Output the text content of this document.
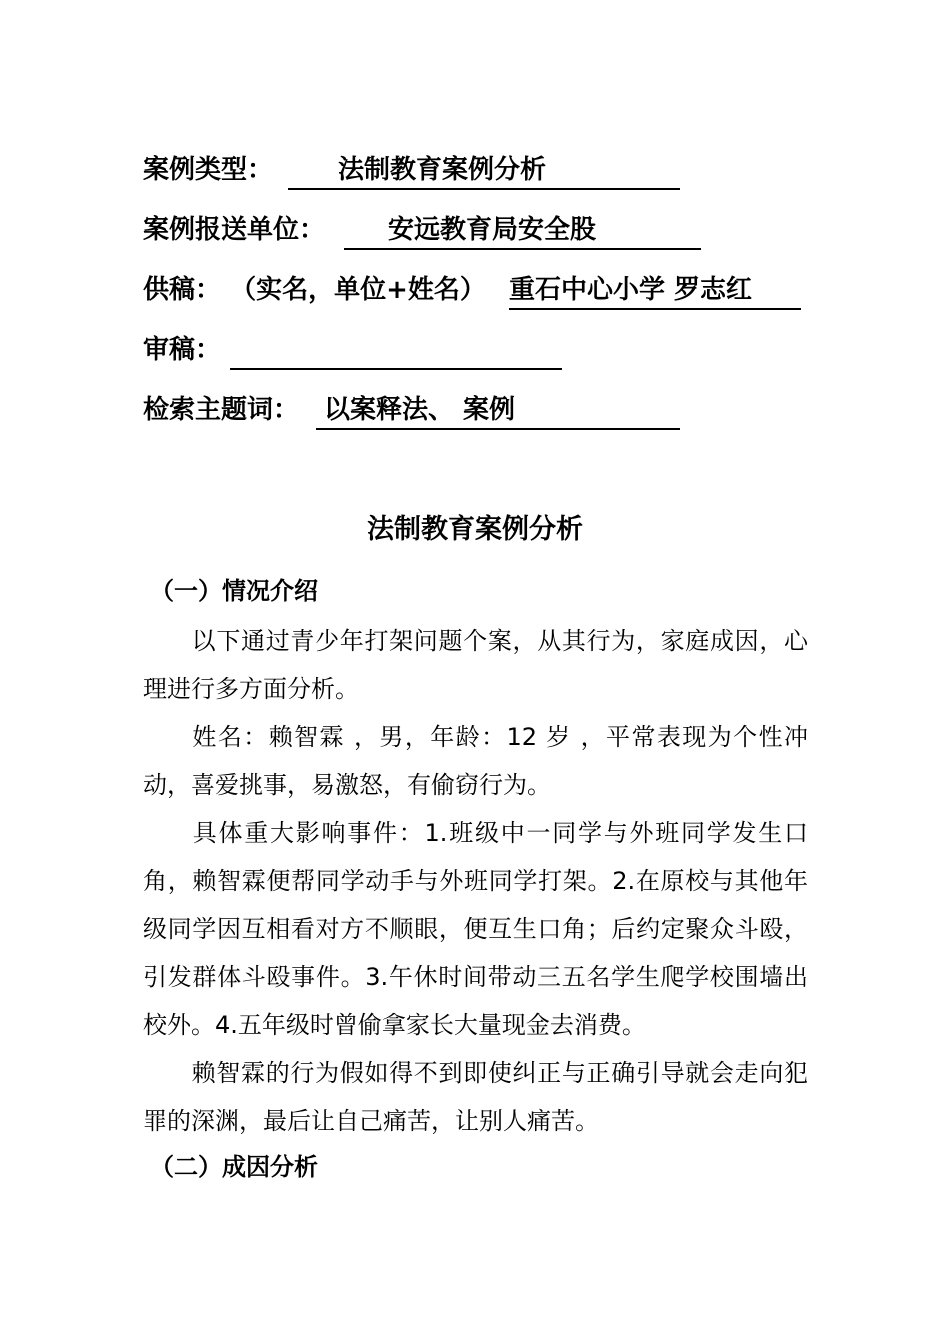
案例类型：	法制教育案例分析
案例报送单位：	安远教育局安全股
供稿： （实名，单位+姓名） 重石中心小学 罗志红
审稿：
检索主题词： 以案释法、 案例
法制教育案例分析
（一）情况介绍
以下通过青少年打架问题个案，从其行为，家庭成因，心理进行多方面分析。
姓名：赖智霖 ，男，年龄：12 岁 ，平常表现为个性冲动，喜爱挑事，易激怒，有偷窃行为。
具体重大影响事件：1.班级中一同学与外班同学发生口角，赖智霖便帮同学动手与外班同学打架。2.在原校与其他年级同学因互相看对方不顺眼，便互生口角；后约定聚众斗殴，引发群体斗殴事件。3.午休时间带动三五名学生爬学校围墙出校外。4.五年级时曾偷拿家长大量现金去消费。
赖智霖的行为假如得不到即使纠正与正确引导就会走向犯罪的深渊，最后让自己痛苦，让别人痛苦。
（二）成因分析
